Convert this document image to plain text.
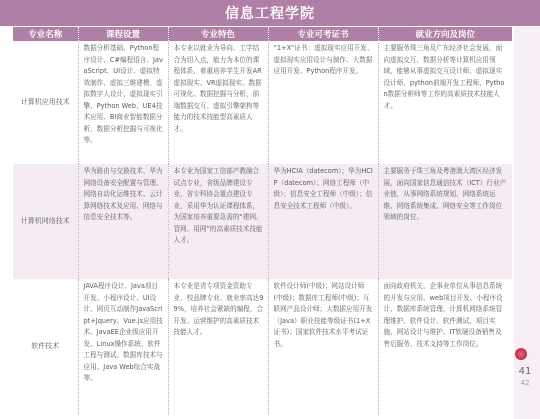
信息工程学院
专业名称	课程设置	专业特色	专业可考证书	就业方向及岗位
计算机应用技术	数据分析基础、Python程序设计、C#编程语言、JavaScript、UI设计、虚拟特效制作、虚拟三维建模、虚拟数字人设计、虚拟现实引擎、Python Web、UE4技术应用、BI商业智能数据分析、数据分析挖掘与可视化等。	本专业以就业为导向、工学结合为切入点，能力为本位的课程体系，着重培养学生开发AR虚拟现实、VR虚拟现实、数据可视化、数据挖掘与分析，前端数据交互、虚拟引擎架构等能力的技术技能型高素质人才。	“1+X”证书：虚拟现实应用开发、虚拟现实应用设计与制作、大数据应用开发、Python程序开发。	主要服务珠三角及广东经济社会发展，面向虚拟交互、数据分析等计算机应用领域，能够从事虚拟交互设计师、虚拟现实设计师，python前端开发工程师、Python数据分析师等工作的高素质技术技能人才。
计算机网络技术	华为路由与交换技术、华为网络设备安全配置与管理、网络自动化运维技术、云计算网络技术及应用、网络与信息安全技术等。	本专业为国家工信部产教融合试点专业，省级品牌建设专业、省专科协会重点建设专业，采用华为认证课程体系，为国家培养重要急需的“建网、管网、用网”的高素质技术技能人才。	华为HCIA（datecom）；华为HCIP（datecom）；网络工程师（中级）；信息安全工程师（中级）；信息安全技术工程师（中级）。	主要服务于珠三角及粤港澳大湾区经济发展，面向国家信息通信技术（ICT）行业产业链，从事网络系统规划、网络系统运维、网络系统集成、网络安全等工作岗位领域的岗位。
软件技术	JAVA程序设计、Java项目开发、小程序设计、UI设计、网页互动制作JavaScript+Jquery、Vue.js应用技术、JavaEE企业级应用开发、Linux操作系统、软件工程与测试、数据库技术与应用、Java Web综合实战等。	本专业是省专项资金资助专业、校品牌专业、就业率高达99%，培养社会紧缺的编程、合开发、运营维护的高素质技术技能人才。	软件设计师(中级)；网站设计师(中级)；数据库工程师(中级)；互联网产品设计师；大数据应用开发（Java）职业技能等级证书(1+X证书)；国家软件技术水平考试证书。	面向政府机关、企事业单位从事信息系统的开发与应用、web项目开发、小程序设计、数据库系统管理、计算机网络系统管理维护、软件设计、软件测试、项目实施、网站设计与维护、IT软硬设备销售及售后服务、技术支持等工作岗位。
41
42
